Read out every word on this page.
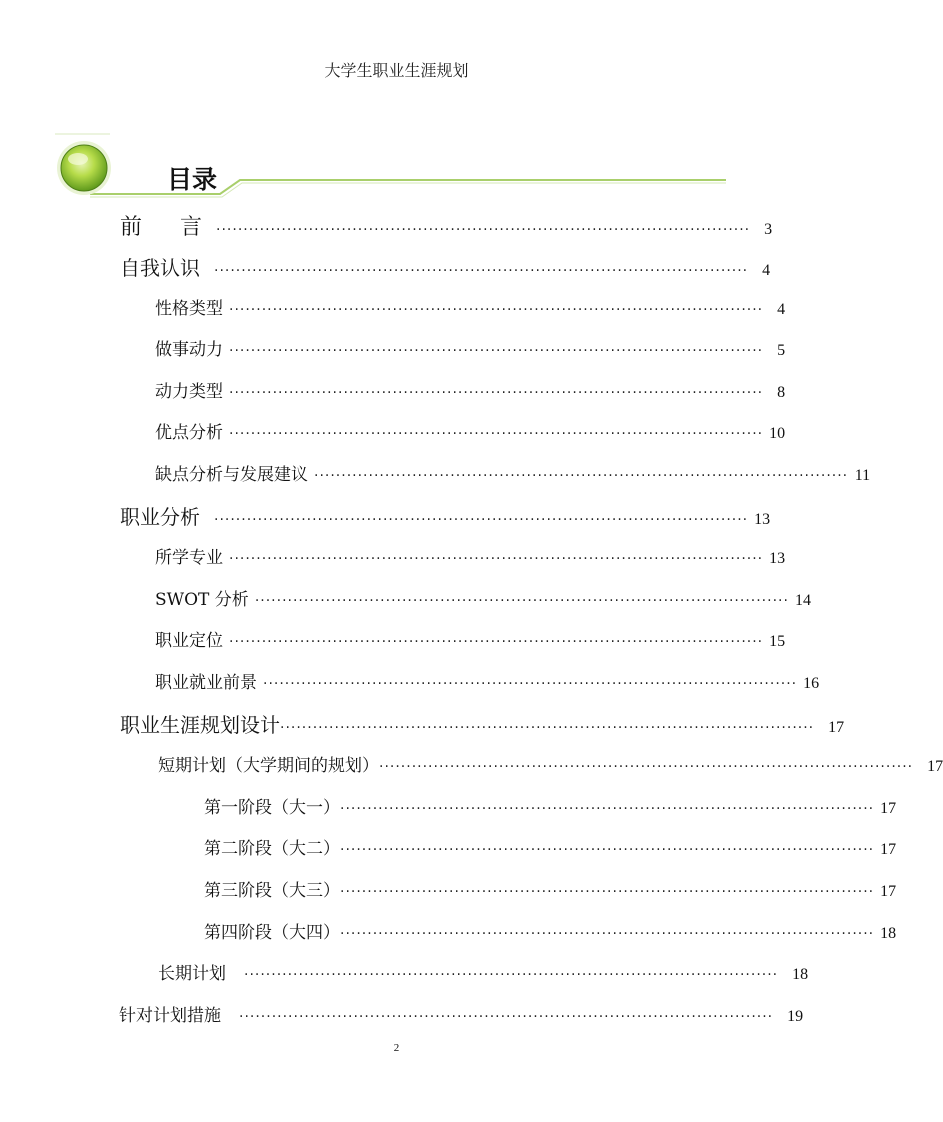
大学生职业生涯规划
目录
前　言 ·································································································· 3
自我认识 ·································································································· 4
性格类型 ·································································································· 4
做事动力 ·································································································· 5
动力类型 ·································································································· 8
优点分析 ·································································································· 10
缺点分析与发展建议 ·································································································· 11
职业分析 ·································································································· 13
所学专业 ·································································································· 13
SWOT 分析 ·································································································· 14
职业定位 ·································································································· 15
职业就业前景 ·································································································· 16
职业生涯规划设计 ·································································································· 17
短期计划（大学期间的规划） ·································································································· 17
第一阶段（大一） ·································································································· 17
第二阶段（大二） ·································································································· 17
第三阶段（大三） ·································································································· 17
第四阶段（大四） ·································································································· 18
长期计划 ·································································································· 18
针对计划措施 ·································································································· 19
2
